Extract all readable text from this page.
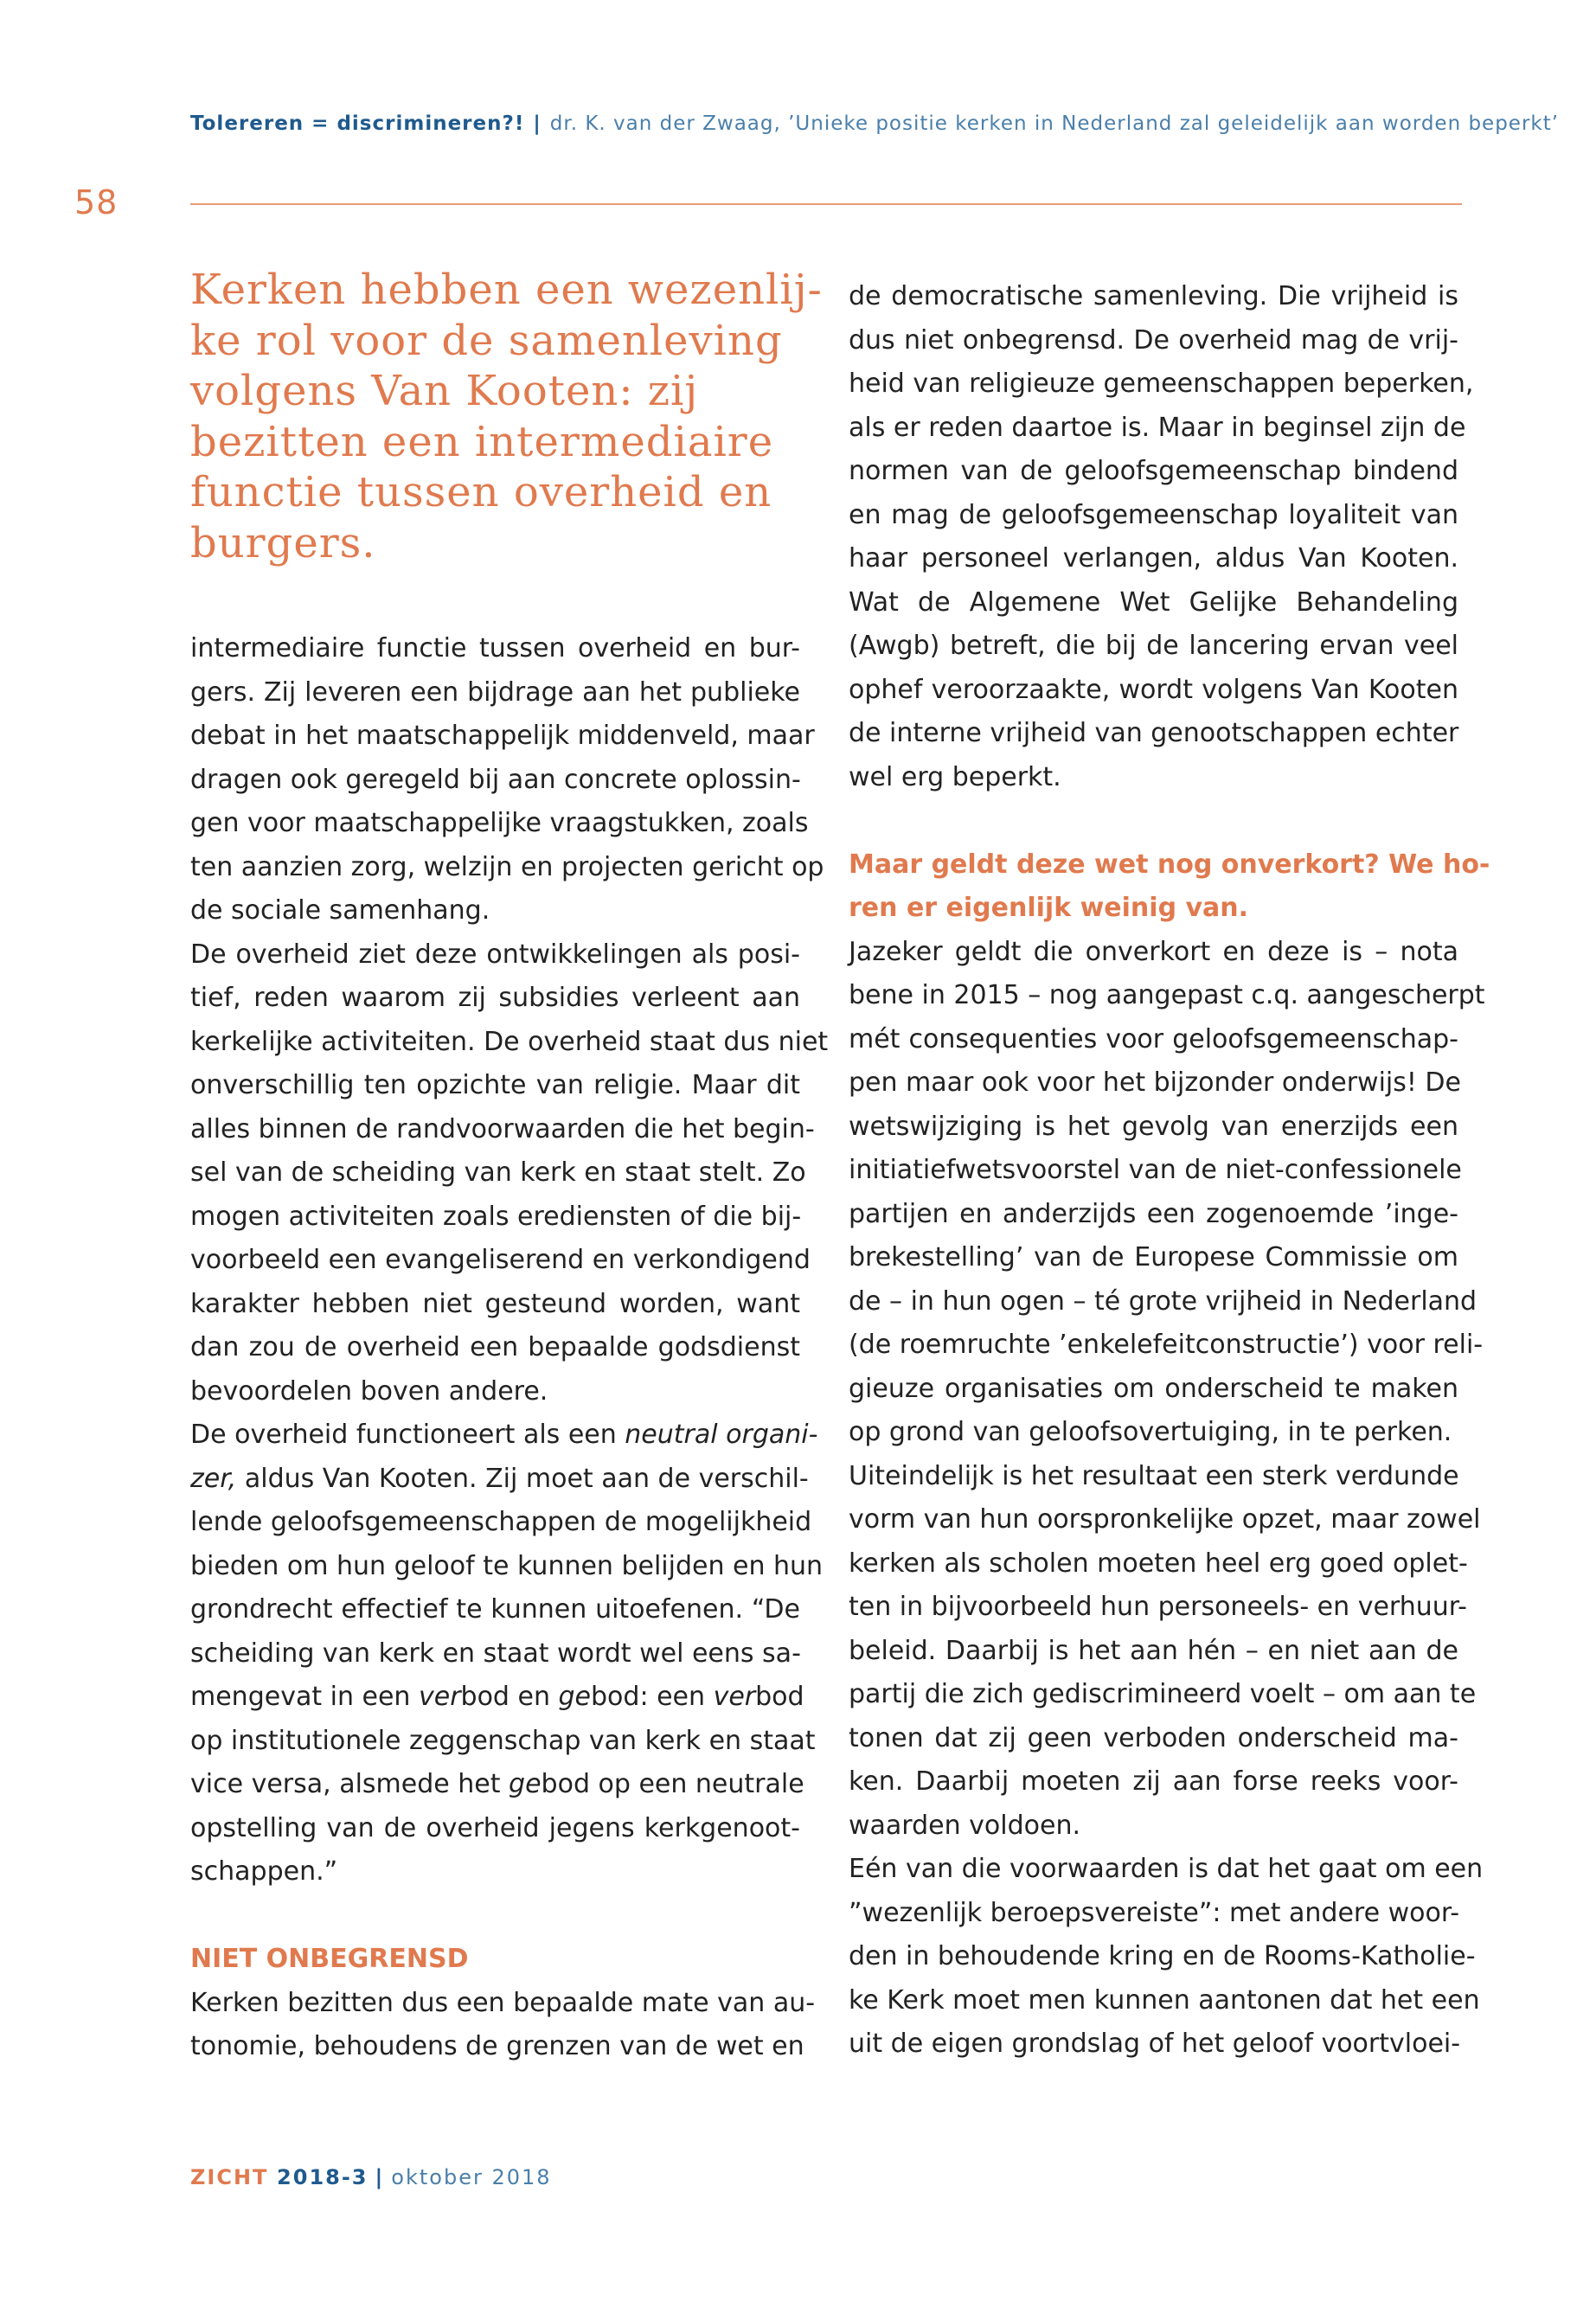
Tolereren = discrimineren?! | dr. K. van der Zwaag, ’Unieke positie kerken in Nederland zal geleidelijk aan worden beperkt’
58
Kerken hebben een wezenlij-
ke rol voor de samenleving
volgens Van Kooten: zij
bezitten een intermediaire
functie tussen overheid en
burgers.
intermediaire functie tussen overheid en bur-
gers. Zij leveren een bijdrage aan het publieke
debat in het maatschappelijk middenveld, maar
dragen ook geregeld bij aan concrete oplossin-
gen voor maatschappelijke vraagstukken, zoals
ten aanzien zorg, welzijn en projecten gericht op
de sociale samenhang.
De overheid ziet deze ontwikkelingen als posi-
tief, reden waarom zij subsidies verleent aan
kerkelijke activiteiten. De overheid staat dus niet
onverschillig ten opzichte van religie. Maar dit
alles binnen de randvoorwaarden die het begin-
sel van de scheiding van kerk en staat stelt. Zo
mogen activiteiten zoals erediensten of die bij-
voorbeeld een evangeliserend en verkondigend
karakter hebben niet gesteund worden, want
dan zou de overheid een bepaalde godsdienst
bevoordelen boven andere.
De overheid functioneert als een neutral organi-
zer, aldus Van Kooten. Zij moet aan de verschil-
lende geloofsgemeenschappen de mogelijkheid
bieden om hun geloof te kunnen belijden en hun
grondrecht effectief te kunnen uitoefenen. “De
scheiding van kerk en staat wordt wel eens sa-
mengevat in een verbod en gebod: een verbod
op institutionele zeggenschap van kerk en staat
vice versa, alsmede het gebod op een neutrale
opstelling van de overheid jegens kerkgenoot-
schappen.”
NIET ONBEGRENSD
Kerken bezitten dus een bepaalde mate van au-
tonomie, behoudens de grenzen van de wet en
de democratische samenleving. Die vrijheid is
dus niet onbegrensd. De overheid mag de vrij-
heid van religieuze gemeenschappen beperken,
als er reden daartoe is. Maar in beginsel zijn de
normen van de geloofsgemeenschap bindend
en mag de geloofsgemeenschap loyaliteit van
haar personeel verlangen, aldus Van Kooten.
Wat de Algemene Wet Gelijke Behandeling
(Awgb) betreft, die bij de lancering ervan veel
ophef veroorzaakte, wordt volgens Van Kooten
de interne vrijheid van genootschappen echter
wel erg beperkt.
Maar geldt deze wet nog onverkort? We ho-
ren er eigenlijk weinig van.
Jazeker geldt die onverkort en deze is – nota
bene in 2015 – nog aangepast c.q. aangescherpt
mét consequenties voor geloofsgemeenschap-
pen maar ook voor het bijzonder onderwijs! De
wetswijziging is het gevolg van enerzijds een
initiatiefwetsvoorstel van de niet-confessionele
partijen en anderzijds een zogenoemde ’inge-
brekestelling’ van de Europese Commissie om
de – in hun ogen – té grote vrijheid in Nederland
(de roemruchte ’enkelefeitconstructie’) voor reli-
gieuze organisaties om onderscheid te maken
op grond van geloofsovertuiging, in te perken.
Uiteindelijk is het resultaat een sterk verdunde
vorm van hun oorspronkelijke opzet, maar zowel
kerken als scholen moeten heel erg goed oplet-
ten in bijvoorbeeld hun personeels- en verhuur-
beleid. Daarbij is het aan hén – en niet aan de
partij die zich gediscrimineerd voelt – om aan te
tonen dat zij geen verboden onderscheid ma-
ken. Daarbij moeten zij aan forse reeks voor-
waarden voldoen.
Eén van die voorwaarden is dat het gaat om een
”wezenlijk beroepsvereiste”: met andere woor-
den in behoudende kring en de Rooms-Katholie-
ke Kerk moet men kunnen aantonen dat het een
uit de eigen grondslag of het geloof voortvloei-
ZICHT 2018-3 | oktober 2018
